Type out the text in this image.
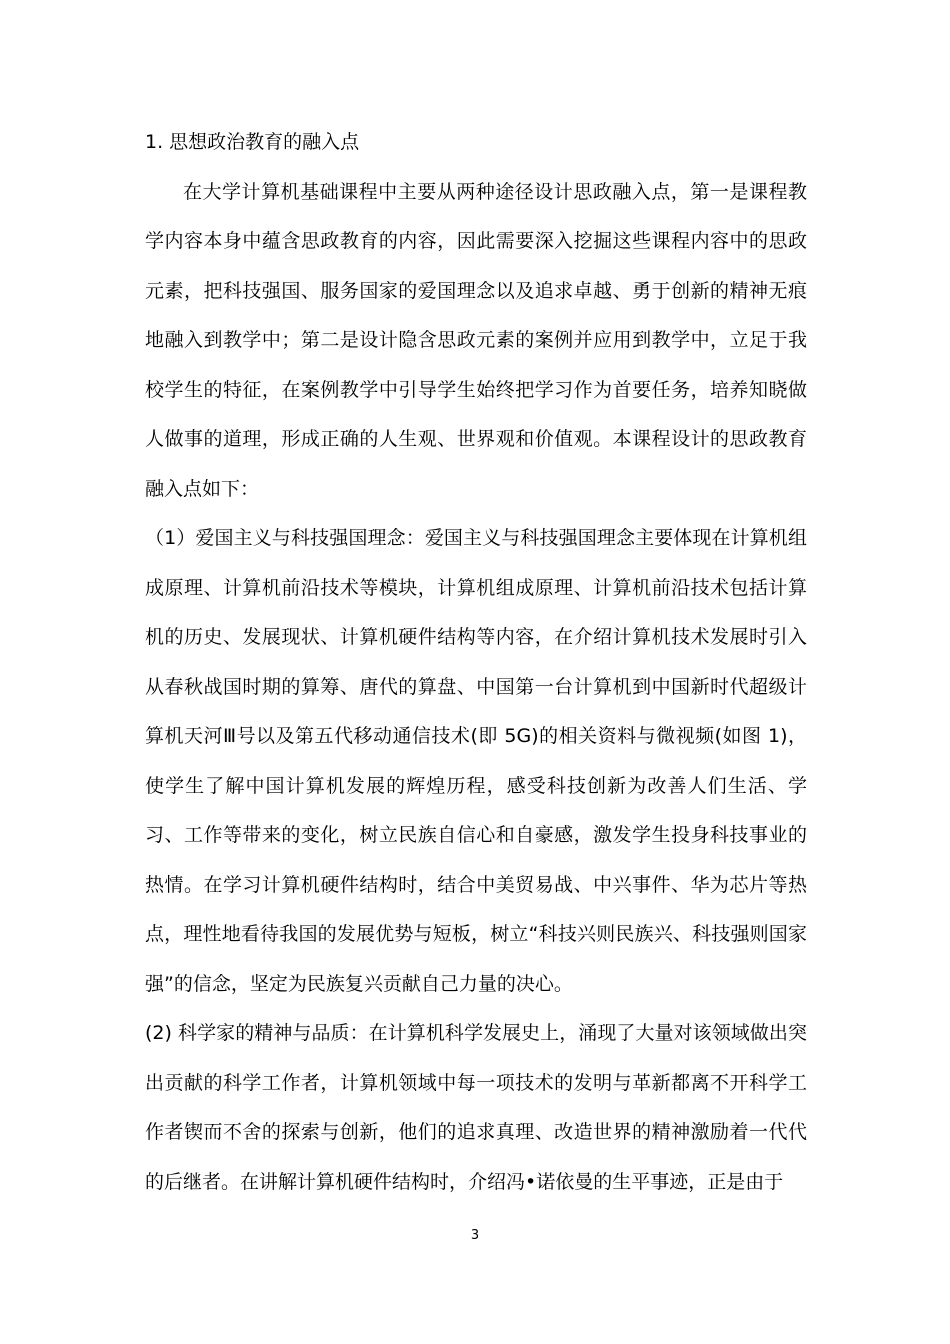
1. 思想政治教育的融入点

在大学计算机基础课程中主要从两种途径设计思政融入点，第一是课程教学内容本身中蕴含思政教育的内容，因此需要深入挖掘这些课程内容中的思政元素，把科技强国、服务国家的爱国理念以及追求卓越、勇于创新的精神无痕地融入到教学中；第二是设计隐含思政元素的案例并应用到教学中，立足于我校学生的特征，在案例教学中引导学生始终把学习作为首要任务，培养知晓做人做事的道理，形成正确的人生观、世界观和价值观。本课程设计的思政教育融入点如下：

（1）爱国主义与科技强国理念：爱国主义与科技强国理念主要体现在计算机组成原理、计算机前沿技术等模块，计算机组成原理、计算机前沿技术包括计算机的历史、发展现状、计算机硬件结构等内容，在介绍计算机技术发展时引入从春秋战国时期的算筹、唐代的算盘、中国第一台计算机到中国新时代超级计算机天河Ⅲ号以及第五代移动通信技术(即 5G)的相关资料与微视频(如图 1)，使学生了解中国计算机发展的辉煌历程，感受科技创新为改善人们生活、学习、工作等带来的变化，树立民族自信心和自豪感，激发学生投身科技事业的热情。在学习计算机硬件结构时，结合中美贸易战、中兴事件、华为芯片等热点，理性地看待我国的发展优势与短板，树立“科技兴则民族兴、科技强则国家强”的信念，坚定为民族复兴贡献自己力量的决心。

(2) 科学家的精神与品质：在计算机科学发展史上，涌现了大量对该领域做出突出贡献的科学工作者，计算机领域中每一项技术的发明与革新都离不开科学工作者锲而不舍的探索与创新，他们的追求真理、改造世界的精神激励着一代代的后继者。在讲解计算机硬件结构时，介绍冯•诺依曼的生平事迹，正是由于

3
